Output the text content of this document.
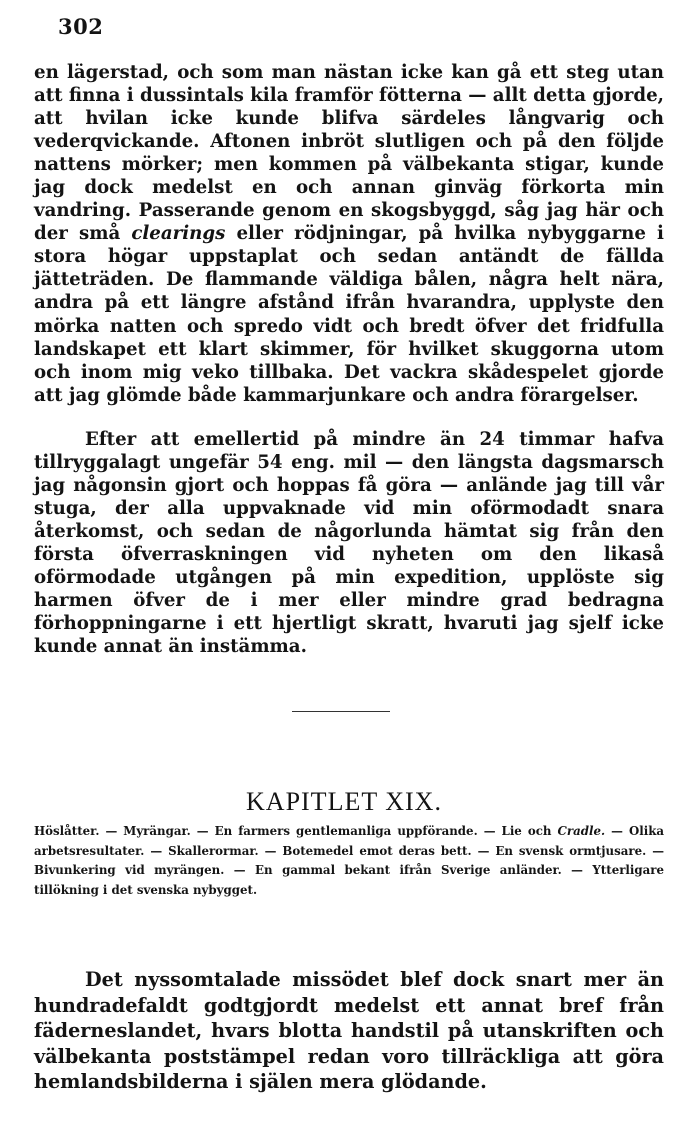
302

en lägerstad, och som man nästan icke kan gå ett steg utan att finna i dussintals kila framför fötterna — allt detta gjorde, att hvilan icke kunde blifva särdeles långvarig och vederqvickande. Aftonen inbröt slutligen och på den följde nattens mörker; men kommen på välbekanta stigar, kunde jag dock medelst en och annan ginväg förkorta min vandring. Passerande genom en skogsbyggd, såg jag här och der små clearings eller rödjningar, på hvilka nybyggarne i stora högar uppstaplat och sedan antändt de fällda jätteträden. De flammande väldiga bålen, några helt nära, andra på ett längre afstånd ifrån hvarandra, upplyste den mörka natten och spredo vidt och bredt öfver det fridfulla landskapet ett klart skimmer, för hvilket skuggorna utom och inom mig veko tillbaka. Det vackra skådespelet gjorde att jag glömde både kammarjunkare och andra förargelser.

Efter att emellertid på mindre än 24 timmar hafva tillryggalagt ungefär 54 eng. mil — den längsta dagsmarsch jag någonsin gjort och hoppas få göra — anlände jag till vår stuga, der alla uppvaknade vid min oförmodadt snara återkomst, och sedan de någorlunda hämtat sig från den första öfverraskningen vid nyheten om den likaså oförmodade utgången på min expedition, upplöste sig harmen öfver de i mer eller mindre grad bedragna förhoppningarne i ett hjertligt skratt, hvaruti jag sjelf icke kunde annat än instämma.

KAPITLET XIX.

Höslåtter. — Myrängar. — En farmers gentlemanliga uppförande. — Lie och Cradle. — Olika arbetsresultater. — Skallerormar. — Botemedel emot deras bett. — En svensk ormtjusare. — Bivunkering vid myrängen. — En gammal bekant ifrån Sverige anländer. — Ytterligare tillökning i det svenska nybygget.

Det nyssomtalade missödet blef dock snart mer än hundradefaldt godtgjordt medelst ett annat bref från fäderneslandet, hvars blotta handstil på utanskriften och välbekanta poststämpel redan voro tillräckliga att göra hemlandsbilderna i själen mera glödande.
